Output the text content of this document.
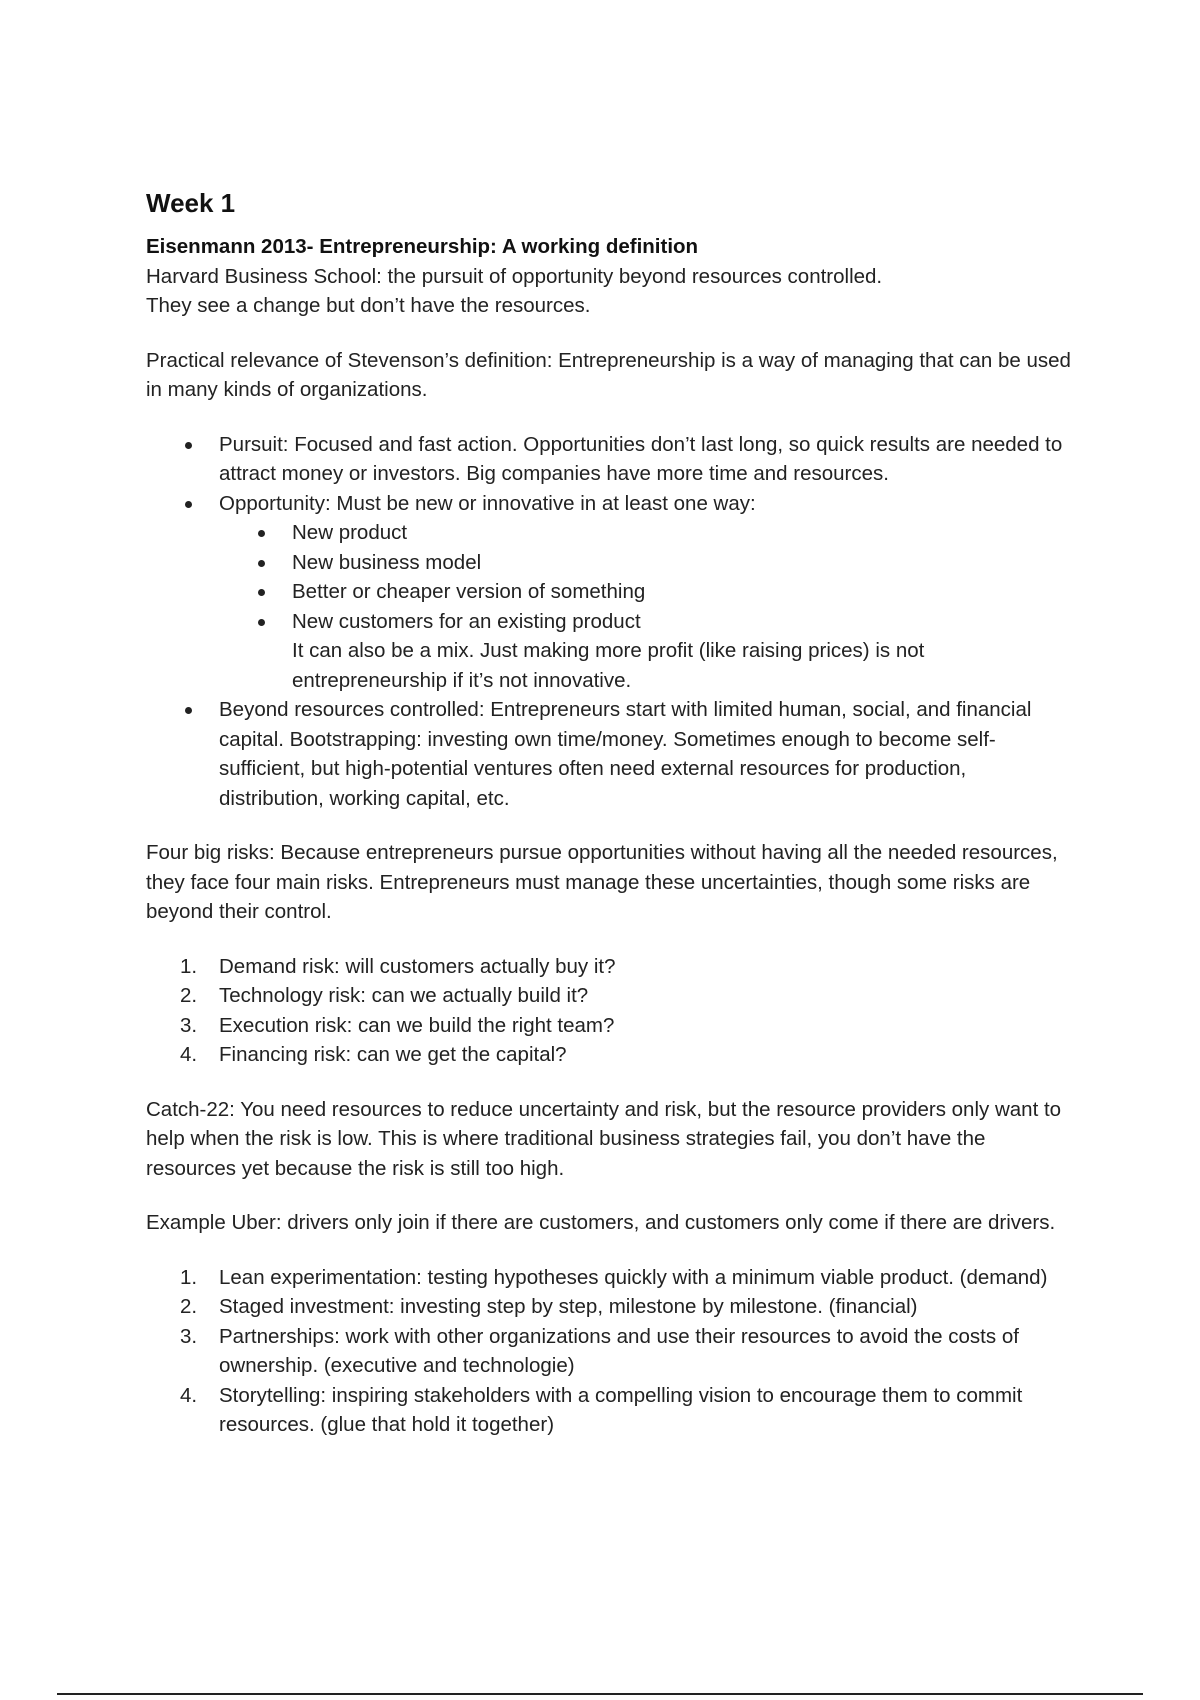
Week 1
Eisenmann 2013- Entrepreneurship: A working definition

Harvard Business School: the pursuit of opportunity beyond resources controlled.

They see a change but don’t have the resources.

Practical relevance of Stevenson’s definition: Entrepreneurship is a way of managing that can be used in many kinds of organizations.

Pursuit: Focused and fast action. Opportunities don’t last long, so quick results are needed to attract money or investors. Big companies have more time and resources.
Opportunity: Must be new or innovative in at least one way:
New product
New business model
Better or cheaper version of something
New customers for an existing product

It can also be a mix. Just making more profit (like raising prices) is not entrepreneurship if it’s not innovative.

Beyond resources controlled: Entrepreneurs start with limited human, social, and financial capital. Bootstrapping: investing own time/money. Sometimes enough to become self-sufficient, but high-potential ventures often need external resources for production, distribution, working capital, etc.

Four big risks: Because entrepreneurs pursue opportunities without having all the needed resources, they face four main risks. Entrepreneurs must manage these uncertainties, though some risks are beyond their control.

1.	Demand risk: will customers actually buy it?
2.	Technology risk: can we actually build it?
3.	Execution risk: can we build the right team?
4.	Financing risk: can we get the capital?

Catch-22: You need resources to reduce uncertainty and risk, but the resource providers only want to help when the risk is low. This is where traditional business strategies fail, you don’t have the resources yet because the risk is still too high.

Example Uber: drivers only join if there are customers, and customers only come if there are drivers.

1.	Lean experimentation: testing hypotheses quickly with a minimum viable product. (demand)
2.	Staged investment: investing step by step, milestone by milestone. (financial)
3.	Partnerships: work with other organizations and use their resources to avoid the costs of ownership. (executive and technologie)
4.	Storytelling: inspiring stakeholders with a compelling vision to encourage them to commit resources. (glue that hold it together)
